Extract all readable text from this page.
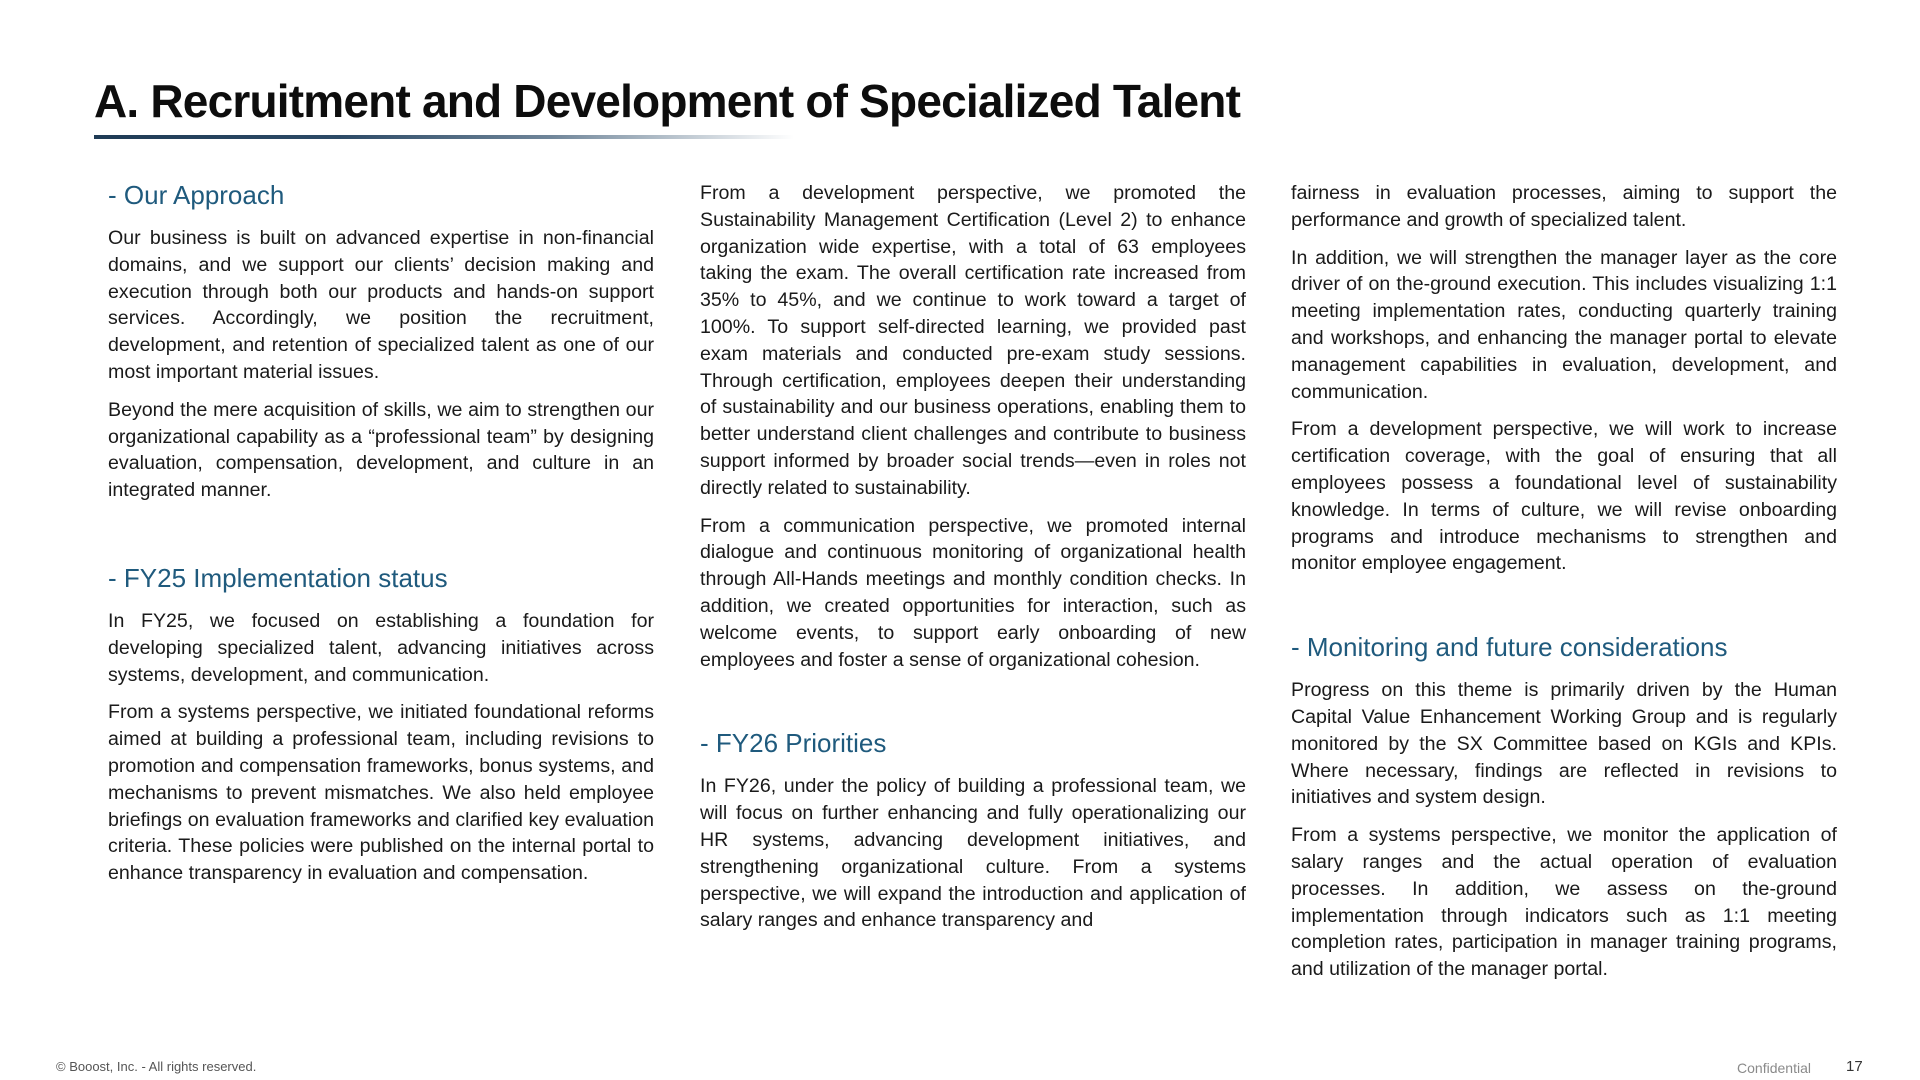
A. Recruitment and Development of Specialized Talent
- Our Approach

Our business is built on advanced expertise in non-financial domains, and we support our clients’ decision making and execution through both our products and hands-on support services. Accordingly, we position the recruitment, development, and retention of specialized talent as one of our most important material issues.

Beyond the mere acquisition of skills, we aim to strengthen our organizational capability as a “professional team” by designing evaluation, compensation, development, and culture in an integrated manner.

- FY25 Implementation status

In FY25, we focused on establishing a foundation for developing specialized talent, advancing initiatives across systems, development, and communication.

From a systems perspective, we initiated foundational reforms aimed at building a professional team, including revisions to promotion and compensation frameworks, bonus systems, and mechanisms to prevent mismatches. We also held employee briefings on evaluation frameworks and clarified key evaluation criteria. These policies were published on the internal portal to enhance transparency in evaluation and compensation.

From a development perspective, we promoted the Sustainability Management Certification (Level 2) to enhance organization wide expertise, with a total of 63 employees taking the exam. The overall certification rate increased from 35% to 45%, and we continue to work toward a target of 100%. To support self-directed learning, we provided past exam materials and conducted pre-exam study sessions. Through certification, employees deepen their understanding of sustainability and our business operations, enabling them to better understand client challenges and contribute to business support informed by broader social trends—even in roles not directly related to sustainability.

From a communication perspective, we promoted internal dialogue and continuous monitoring of organizational health through All-Hands meetings and monthly condition checks. In addition, we created opportunities for interaction, such as welcome events, to support early onboarding of new employees and foster a sense of organizational cohesion.

- FY26 Priorities

In FY26, under the policy of building a professional team, we will focus on further enhancing and fully operationalizing our HR systems, advancing development initiatives, and strengthening organizational culture. From a systems perspective, we will expand the introduction and application of salary ranges and enhance transparency and

fairness in evaluation processes, aiming to support the performance and growth of specialized talent.

In addition, we will strengthen the manager layer as the core driver of on the-ground execution. This includes visualizing 1:1 meeting implementation rates, conducting quarterly training and workshops, and enhancing the manager portal to elevate management capabilities in evaluation, development, and communication.

From a development perspective, we will work to increase certification coverage, with the goal of ensuring that all employees possess a foundational level of sustainability knowledge. In terms of culture, we will revise onboarding programs and introduce mechanisms to strengthen and monitor employee engagement.

- Monitoring and future considerations

Progress on this theme is primarily driven by the Human Capital Value Enhancement Working Group and is regularly monitored by the SX Committee based on KGIs and KPIs. Where necessary, findings are reflected in revisions to initiatives and system design.

From a systems perspective, we monitor the application of salary ranges and the actual operation of evaluation processes. In addition, we assess on the-ground implementation through indicators such as 1:1 meeting completion rates, participation in manager training programs, and utilization of the manager portal.

© Booost, Inc. - All rights reserved.	Confidential	17
